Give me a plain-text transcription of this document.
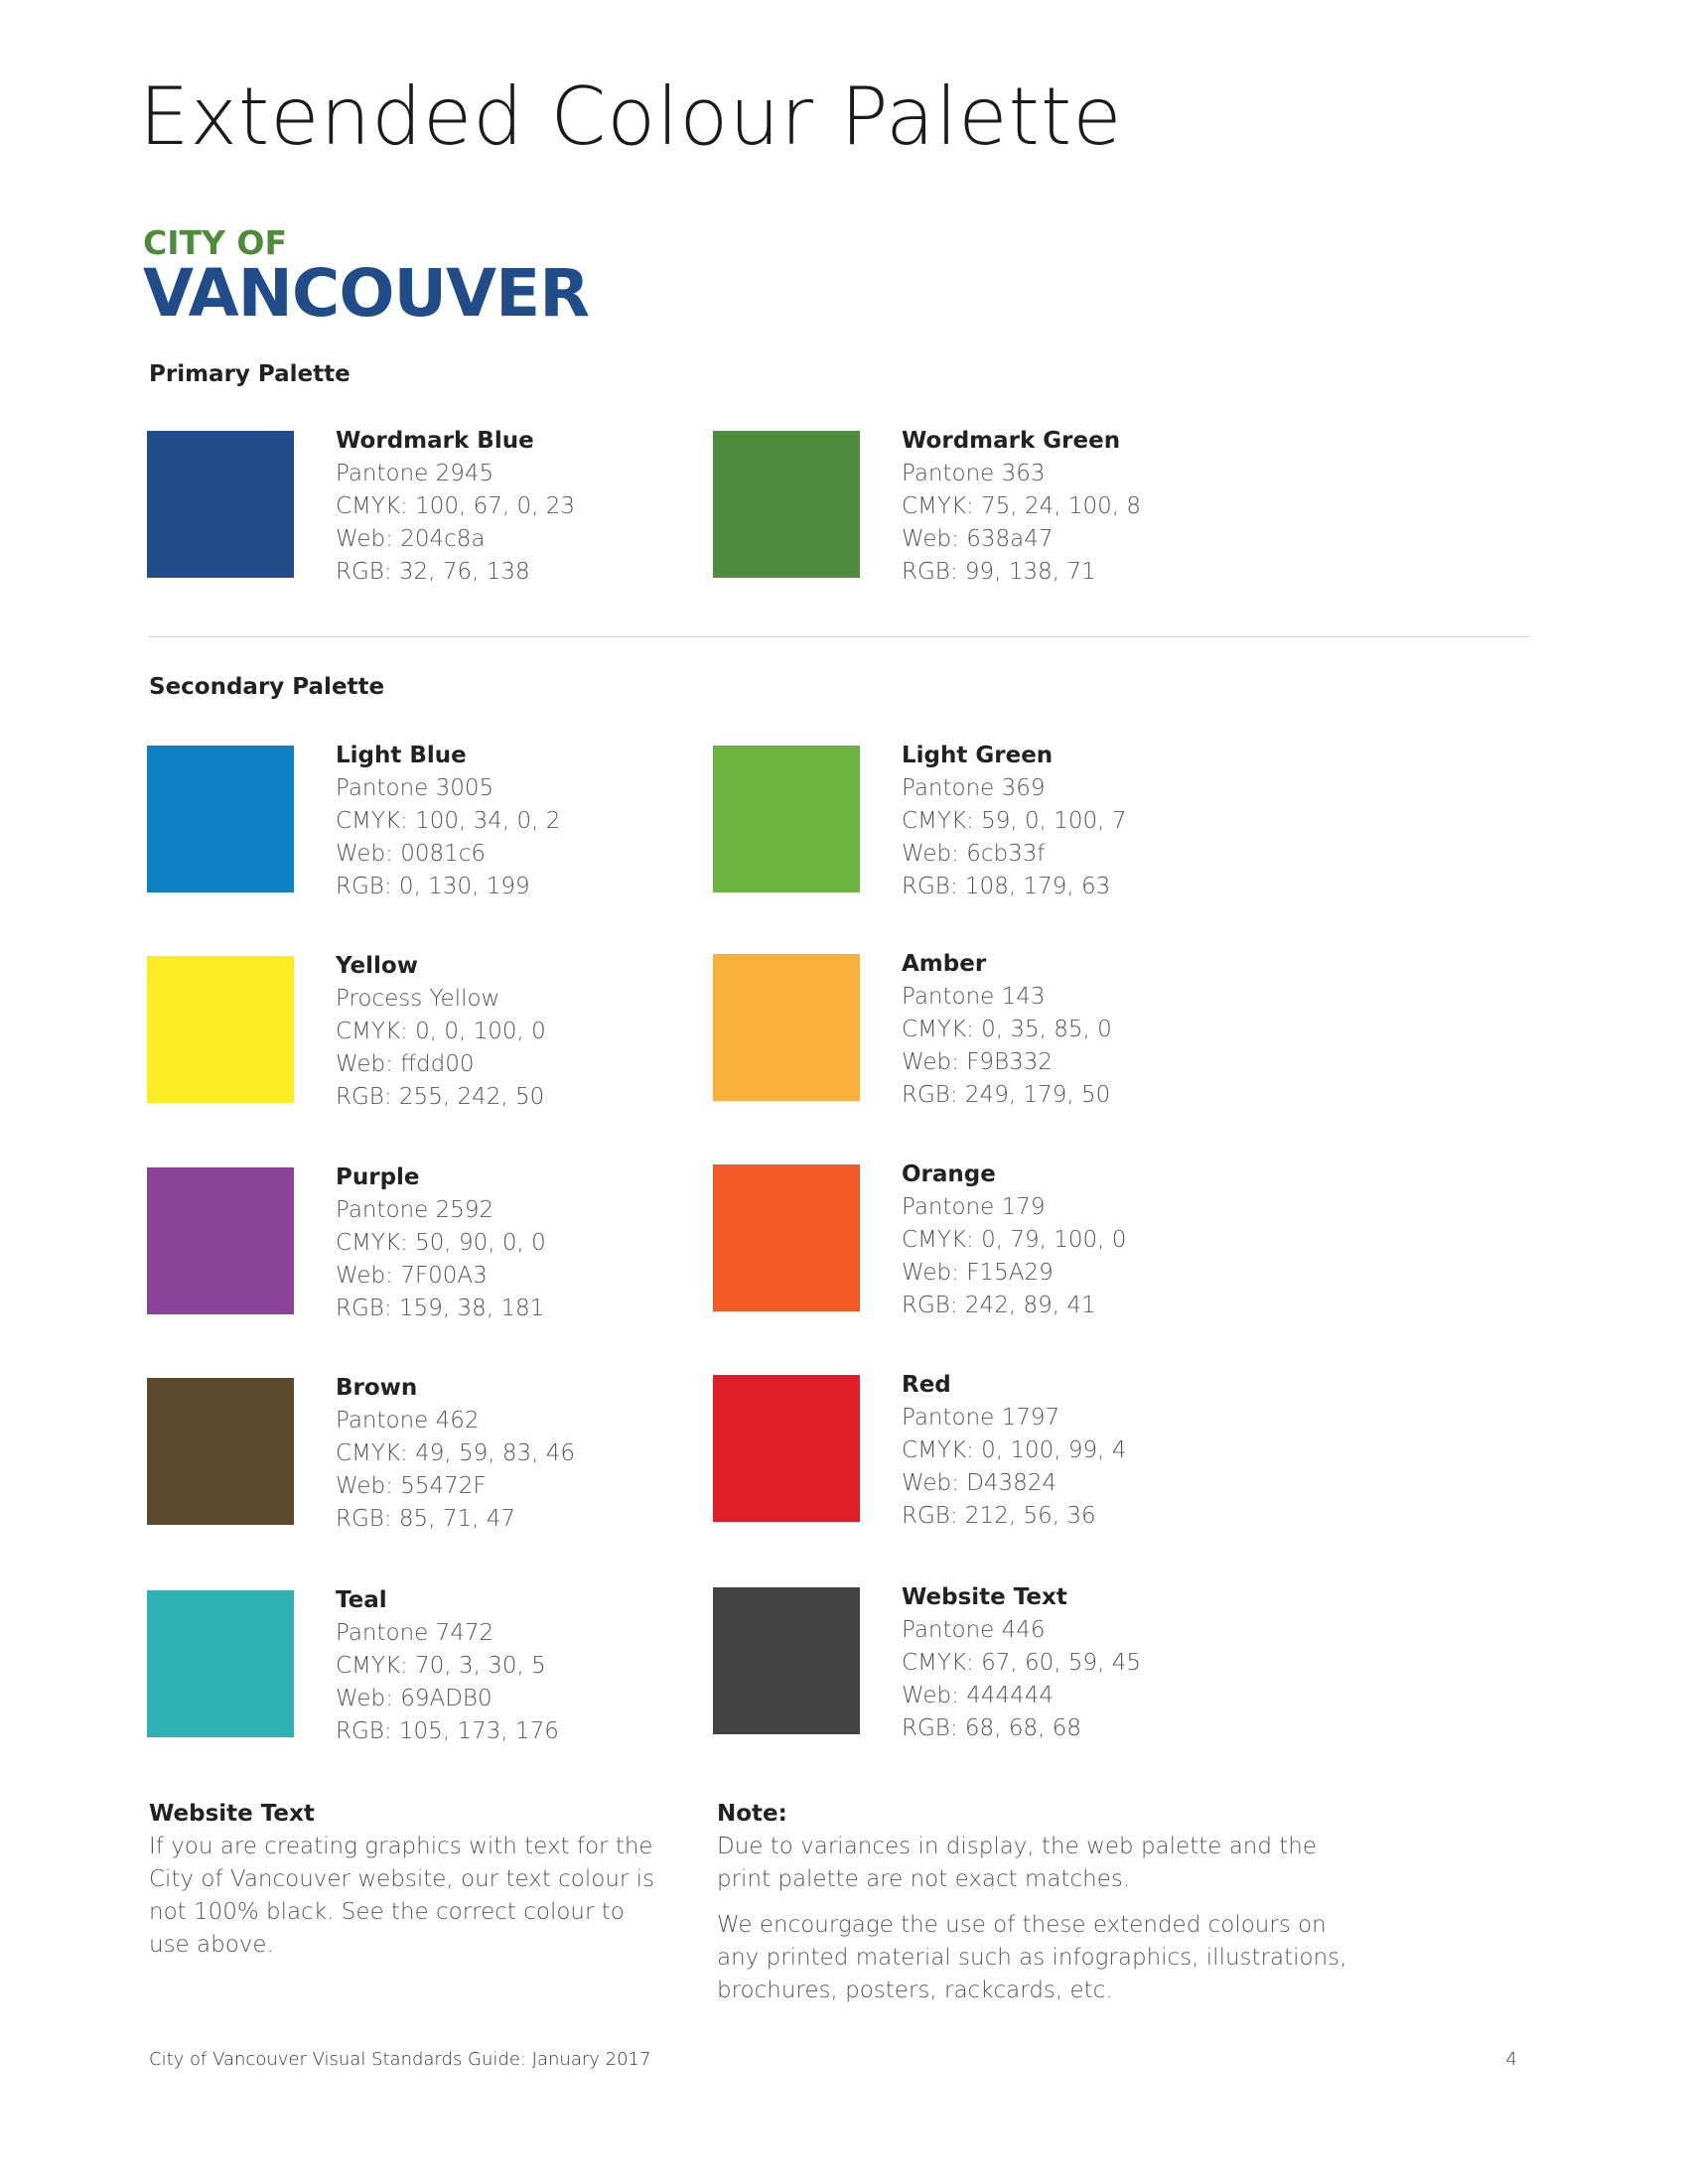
Extended Colour Palette
CITY OF
VANCOUVER
Primary Palette
Wordmark Blue
Pantone 2945
CMYK: 100, 67, 0, 23
Web: 204c8a
RGB: 32, 76, 138
Wordmark Green
Pantone 363
CMYK: 75, 24, 100, 8
Web: 638a47
RGB: 99, 138, 71
Secondary Palette
Light Blue
Pantone 3005
CMYK: 100, 34, 0, 2
Web: 0081c6
RGB: 0, 130, 199
Light Green
Pantone 369
CMYK: 59, 0, 100, 7
Web: 6cb33f
RGB: 108, 179, 63
Yellow
Process Yellow
CMYK: 0, 0, 100, 0
Web: ffdd00
RGB: 255, 242, 50
Amber
Pantone 143
CMYK: 0, 35, 85, 0
Web: F9B332
RGB: 249, 179, 50
Purple
Pantone 2592
CMYK: 50, 90, 0, 0
Web: 7F00A3
RGB: 159, 38, 181
Orange
Pantone 179
CMYK: 0, 79, 100, 0
Web: F15A29
RGB: 242, 89, 41
Brown
Pantone 462
CMYK: 49, 59, 83, 46
Web: 55472F
RGB: 85, 71, 47
Red
Pantone 1797
CMYK: 0, 100, 99, 4
Web: D43824
RGB: 212, 56, 36
Teal
Pantone 7472
CMYK: 70, 3, 30, 5
Web: 69ADB0
RGB: 105, 173, 176
Website Text
Pantone 446
CMYK: 67, 60, 59, 45
Web: 444444
RGB: 68, 68, 68
Website Text

If you are creating graphics with text for the City of Vancouver website, our text colour is not 100% black. See the correct colour to use above.

Note:

Due to variances in display, the web palette and the print palette are not exact matches.

We encourgage the use of these extended colours on any printed material such as infographics, illustrations, brochures, posters, rackcards, etc.

City of Vancouver Visual Standards Guide: January 2017	4
